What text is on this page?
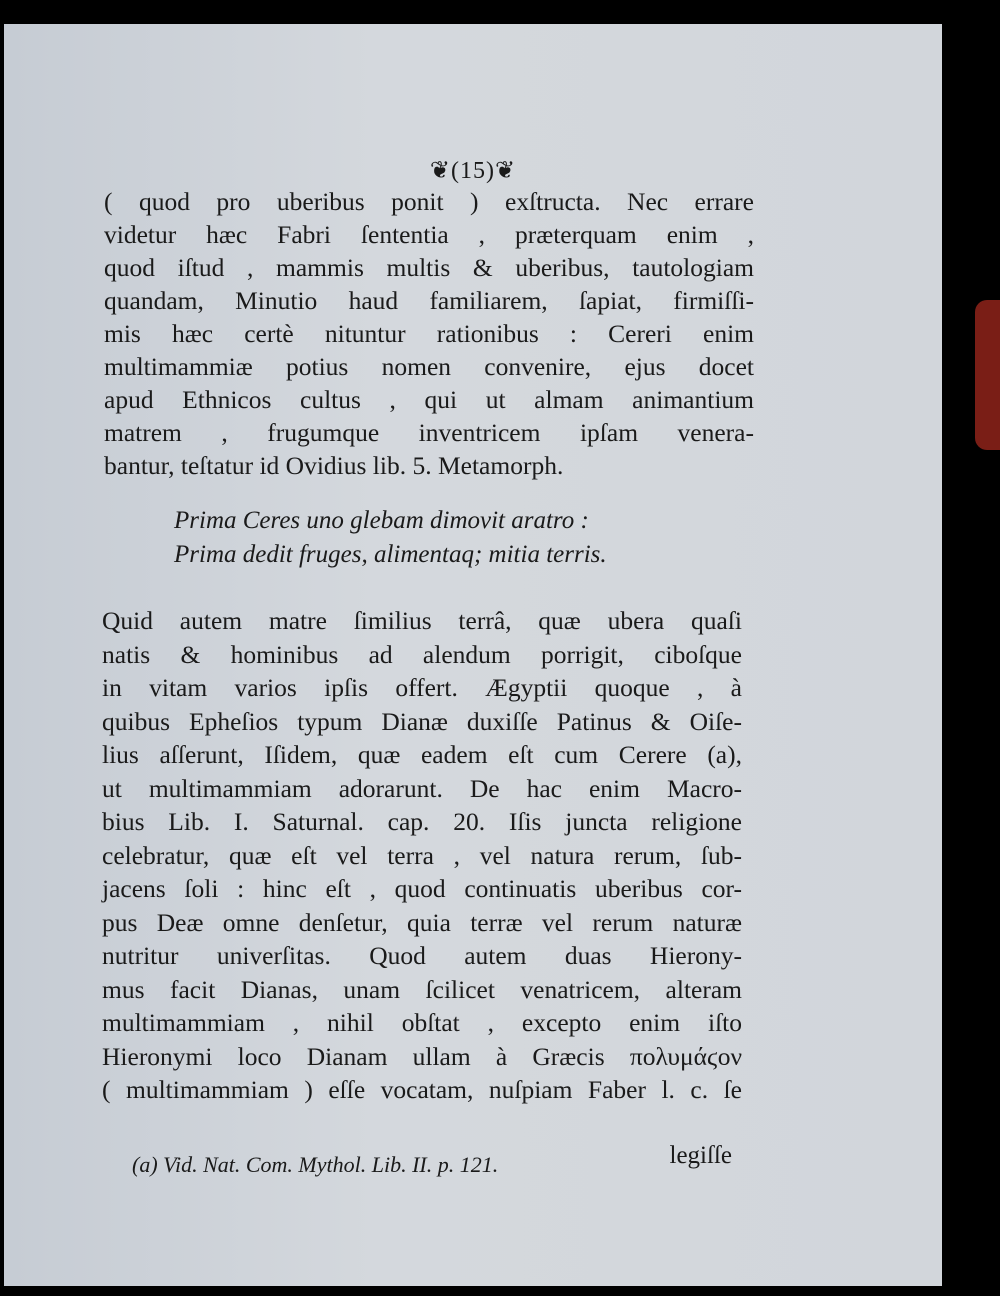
❦(15)❦
( quod pro uberibus ponit ) exſtructa. Nec errare
videtur hæc Fabri ſententia , præterquam enim ,
quod iſtud , mammis multis & uberibus, tautologiam
quandam, Minutio haud familiarem, ſapiat, firmiſſi-
mis hæc certè nituntur rationibus : Cereri enim
multimammiæ potius nomen convenire, ejus docet
apud Ethnicos cultus , qui ut almam animantium
matrem , frugumque inventricem ipſam venera-
bantur, teſtatur id Ovidius lib. 5. Metamorph.
Prima Ceres uno glebam dimovit aratro :
Prima dedit fruges, alimentaq; mitia terris.
Quid autem matre ſimilius terrâ, quæ ubera quaſi
natis & hominibus ad alendum porrigit, ciboſque
in vitam varios ipſis offert. Ægyptii quoque , à
quibus Epheſios typum Dianæ duxiſſe Patinus & Oiſe-
lius aſſerunt, Iſidem, quæ eadem eſt cum Cerere (a),
ut multimammiam adorarunt. De hac enim Macro-
bius Lib. I. Saturnal. cap. 20. Iſis juncta religione
celebratur, quæ eſt vel terra , vel natura rerum, ſub-
jacens ſoli : hinc eſt , quod continuatis uberibus cor-
pus Deæ omne denſetur, quia terræ vel rerum naturæ
nutritur univerſitas. Quod autem duas Hierony-
mus facit Dianas, unam ſcilicet venatricem, alteram
multimammiam , nihil obſtat , excepto enim iſto
Hieronymi loco Dianam ullam à Græcis πολυμάϛον
( multimammiam ) eſſe vocatam, nuſpiam Faber l. c. ſe
legiſſe
(a) Vid. Nat. Com. Mythol. Lib. II. p. 121.
